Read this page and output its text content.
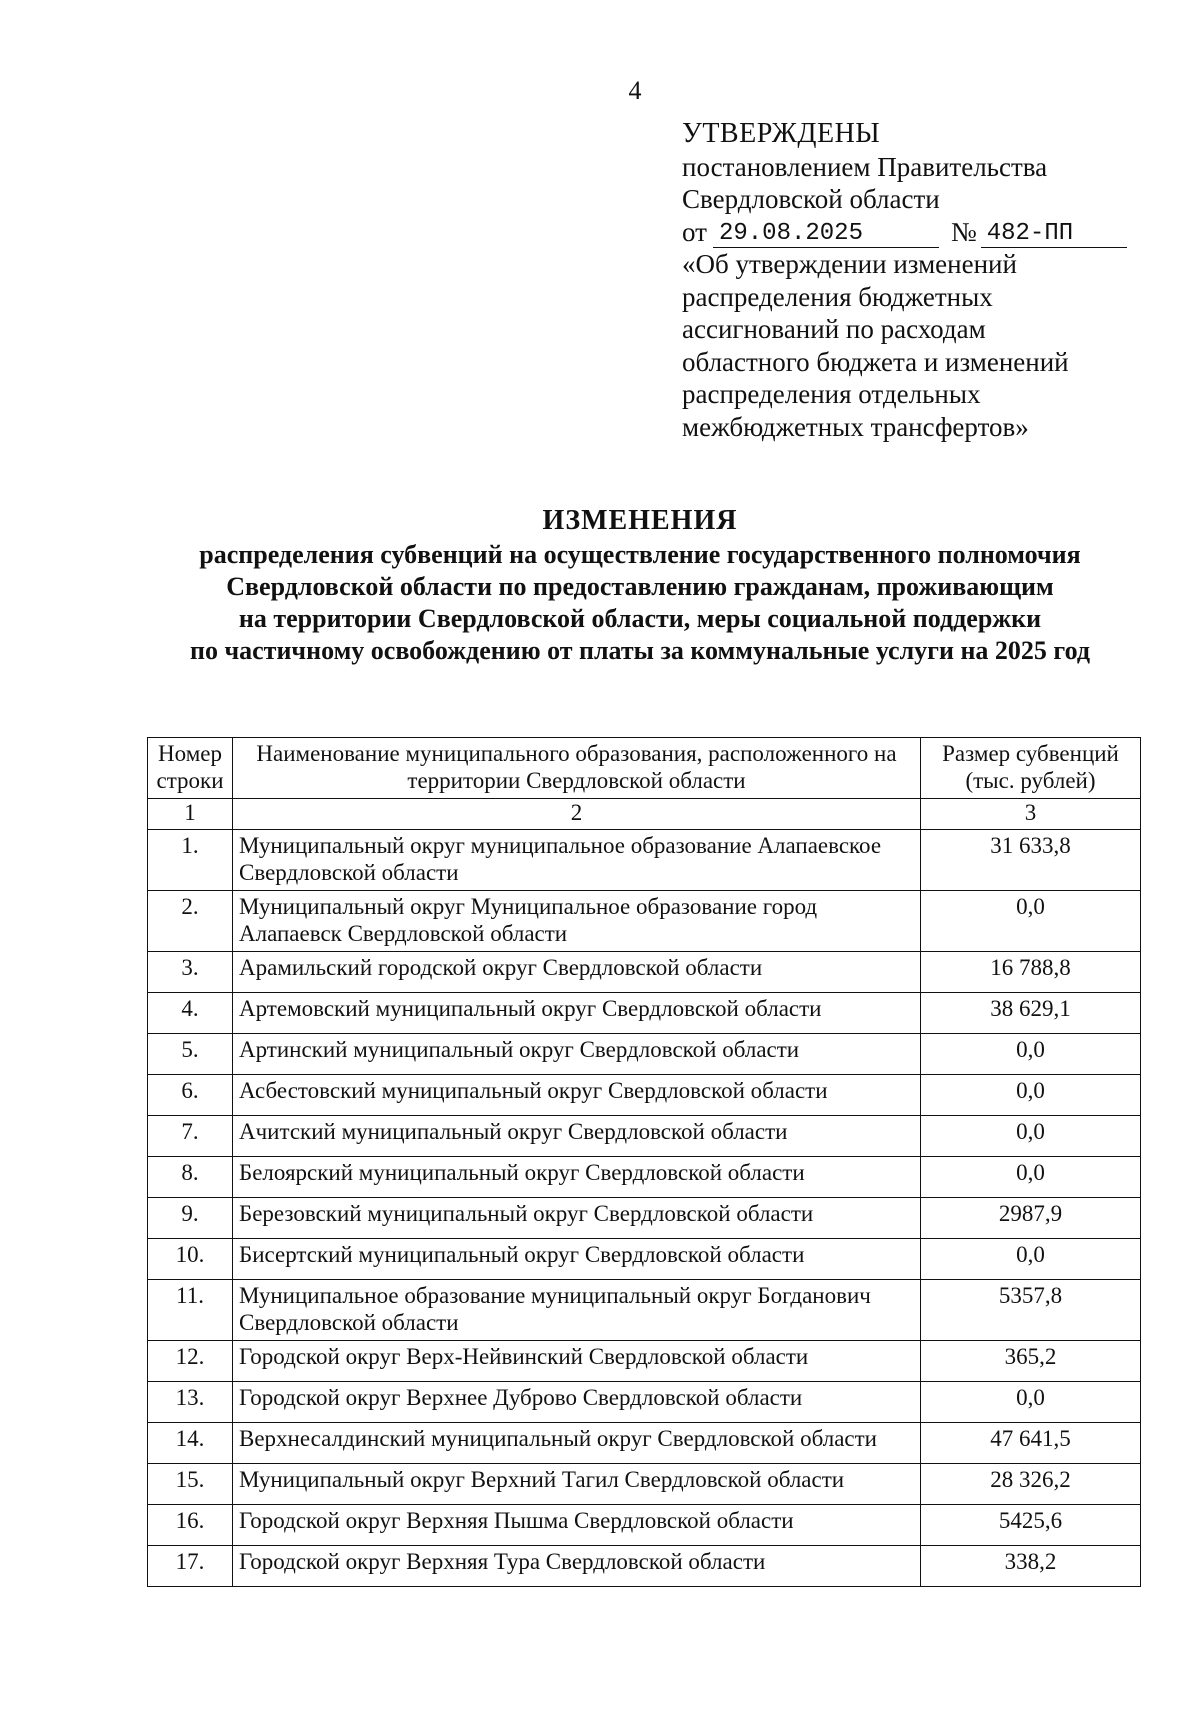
4
УТВЕРЖДЕНЫ
постановлением Правительства
Свердловской области
от 29.08.2025	№ 482-ПП
«Об утверждении изменений
распределения бюджетных
ассигнований по расходам
областного бюджета и изменений
распределения отдельных
межбюджетных трансфертов»
ИЗМЕНЕНИЯ
распределения субвенций на осуществление государственного полномочия
Свердловской области по предоставлению гражданам, проживающим
на территории Свердловской области, меры социальной поддержки
по частичному освобождению от платы за коммунальные услуги на 2025 год
Номер строки	Наименование муниципального образования, расположенного на территории Свердловской области	Размер субвенций (тыс. рублей)
1	2	3
1.	Муниципальный округ муниципальное образование Алапаевское Свердловской области	31 633,8
2.	Муниципальный округ Муниципальное образование город Алапаевск Свердловской области	0,0
3.	Арамильский городской округ Свердловской области	16 788,8
4.	Артемовский муниципальный округ Свердловской области	38 629,1
5.	Артинский муниципальный округ Свердловской области	0,0
6.	Асбестовский муниципальный округ Свердловской области	0,0
7.	Ачитский муниципальный округ Свердловской области	0,0
8.	Белоярский муниципальный округ Свердловской области	0,0
9.	Березовский муниципальный округ Свердловской области	2987,9
10.	Бисертский муниципальный округ Свердловской области	0,0
11.	Муниципальное образование муниципальный округ Богданович Свердловской области	5357,8
12.	Городской округ Верх-Нейвинский Свердловской области	365,2
13.	Городской округ Верхнее Дуброво Свердловской области	0,0
14.	Верхнесалдинский муниципальный округ Свердловской области	47 641,5
15.	Муниципальный округ Верхний Тагил Свердловской области	28 326,2
16.	Городской округ Верхняя Пышма Свердловской области	5425,6
17.	Городской округ Верхняя Тура Свердловской области	338,2
